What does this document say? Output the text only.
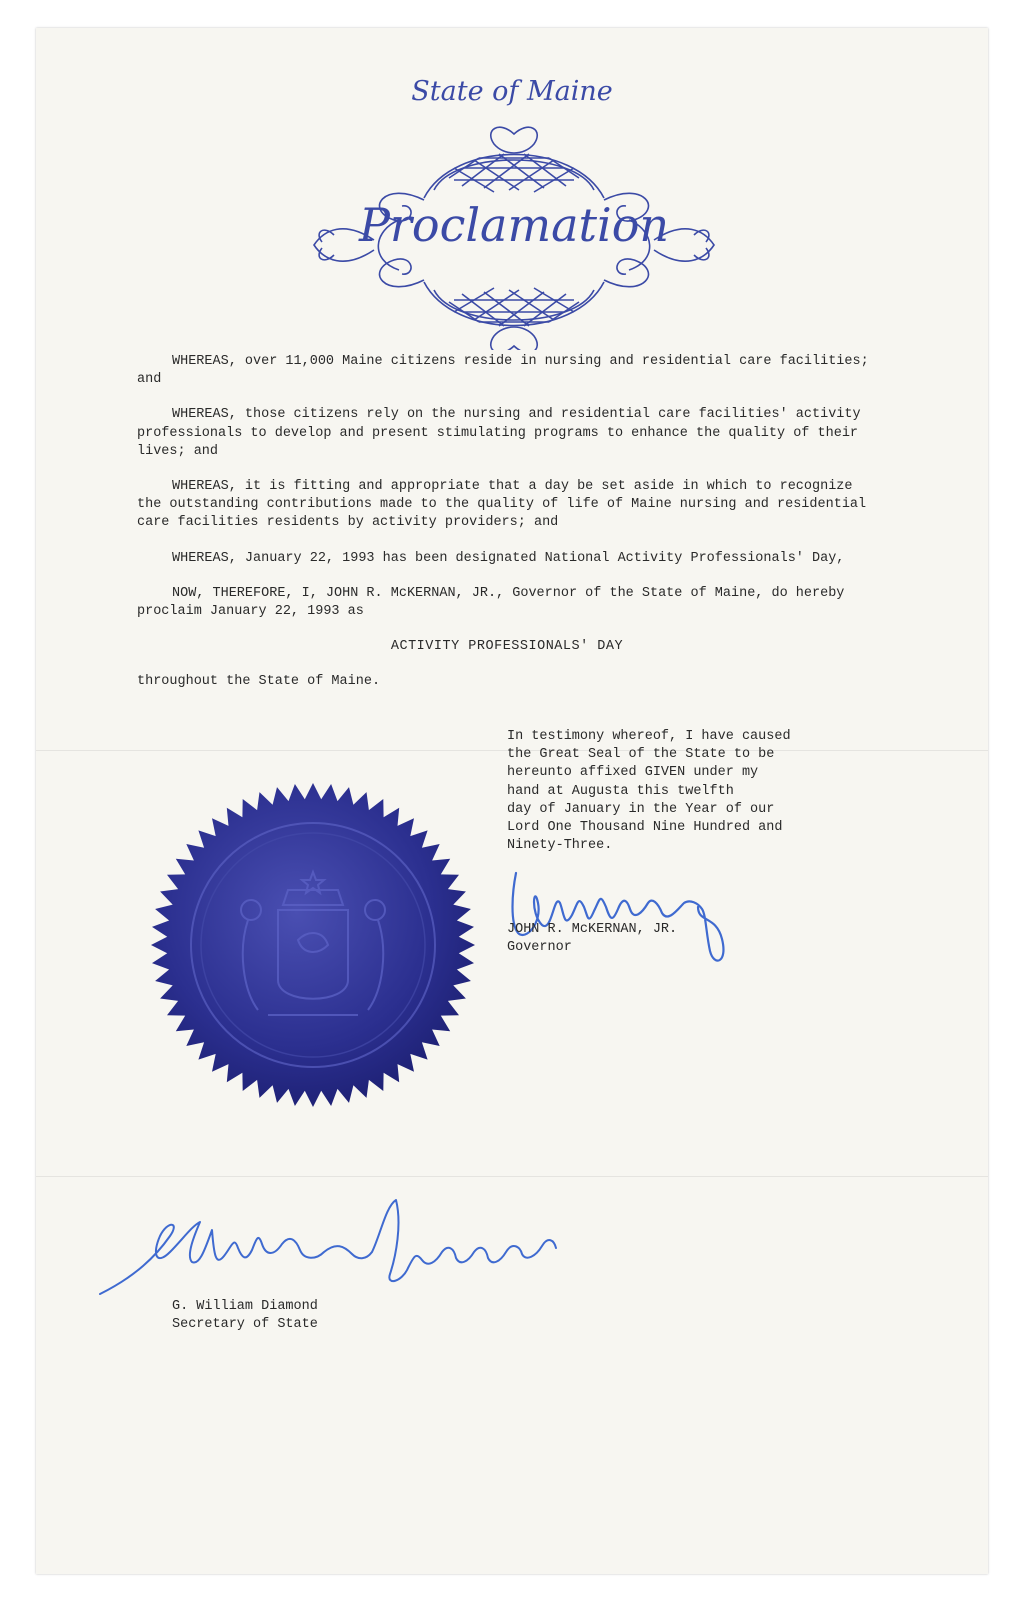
State of Maine
Proclamation

WHEREAS, over 11,000 Maine citizens reside in nursing and residential care facilities; and

WHEREAS, those citizens rely on the nursing and residential care facilities' activity professionals to develop and present stimulating programs to enhance the quality of their lives; and

WHEREAS, it is fitting and appropriate that a day be set aside in which to recognize the outstanding contributions made to the quality of life of Maine nursing and residential care facilities residents by activity providers; and

WHEREAS, January 22, 1993 has been designated National Activity Professionals' Day,

NOW, THEREFORE, I, JOHN R. McKERNAN, JR., Governor of the State of Maine, do hereby proclaim January 22, 1993 as

ACTIVITY PROFESSIONALS' DAY

throughout the State of Maine.

In testimony whereof, I have caused
the Great Seal of the State to be
hereunto affixed GIVEN under my
hand at Augusta this twelfth
day of January in the Year of our
Lord One Thousand Nine Hundred and
Ninety-Three.
JOHN R. McKERNAN, JR.
Governor
G. William Diamond
Secretary of State
